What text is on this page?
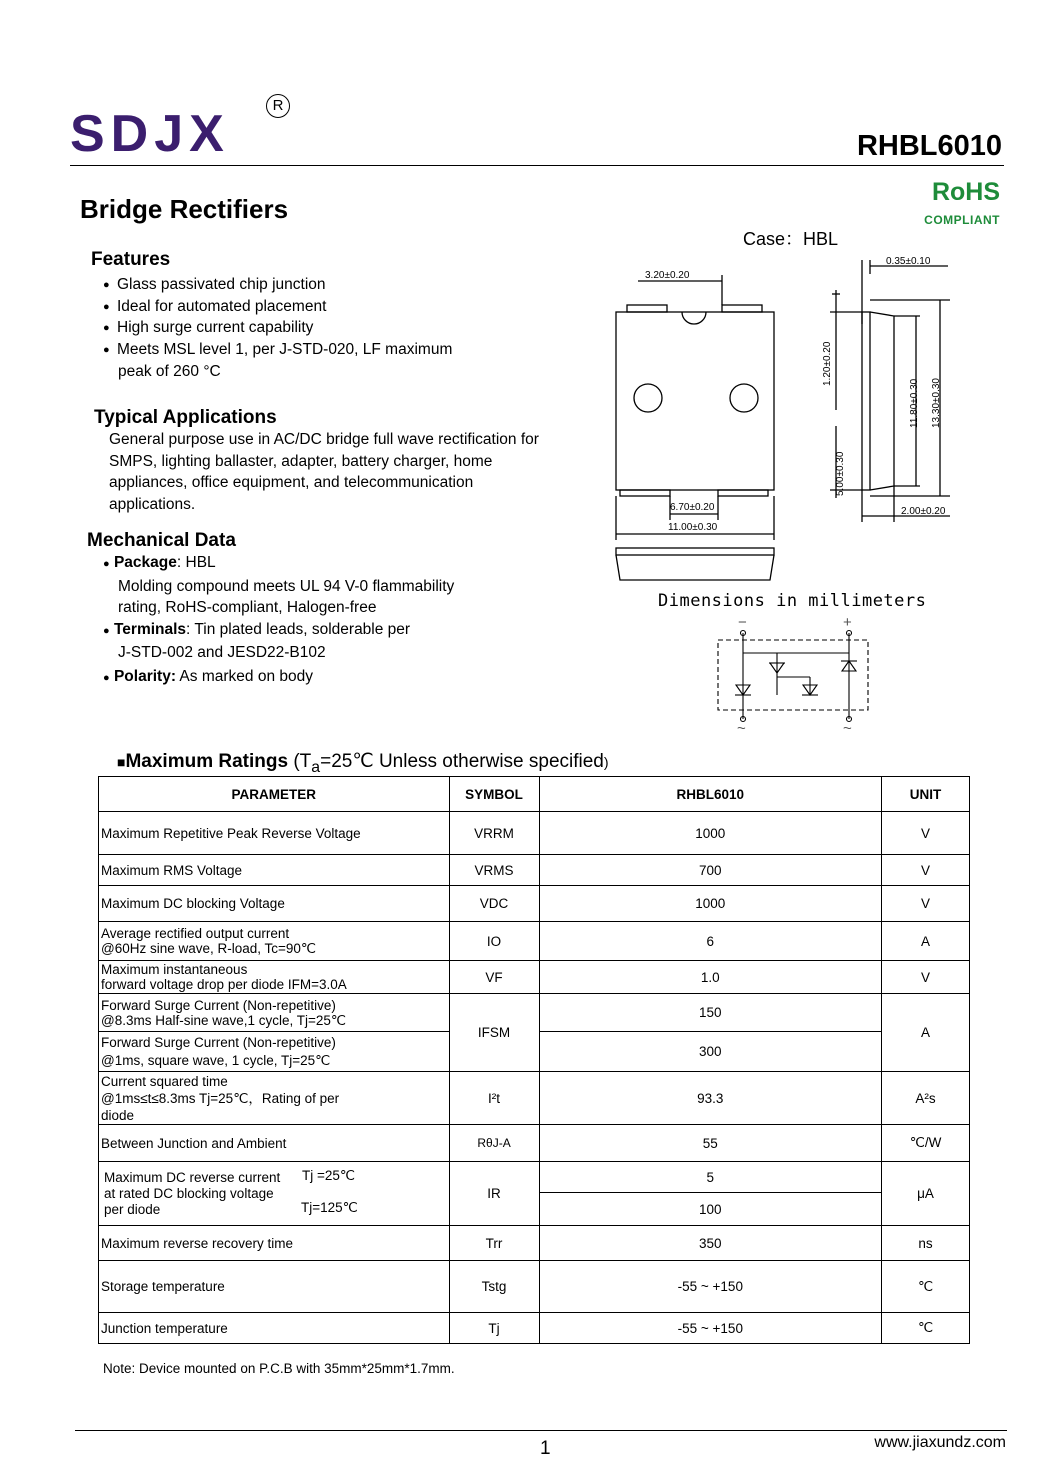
SDJX	R
RHBL6010
RoHS
COMPLIANT
Bridge Rectifiers
Case：HBL
Features
● Glass passivated chip junction
● Ideal for automated placement
● High surge current capability
● Meets MSL level 1, per J-STD-020, LF maximum
peak of 260 °C
Typical Applications
General purpose use in AC/DC bridge full wave rectification for
SMPS, lighting ballaster, adapter, battery charger, home
appliances, office equipment, and telecommunication
applications.
Mechanical Data
● Package: HBL
Molding compound meets UL 94 V-0 flammability
rating, RoHS-compliant, Halogen-free
● Terminals: Tin plated leads, solderable per
J-STD-002 and JESD22-B102
● Polarity: As marked on body
3.20±0.20
0.35±0.10
6.70±0.20
11.00±0.30
2.00±0.20
1.20±0.20
5.00±0.30
11.80±0.30 13.30±0.30
Dimensions in millimeters
−	+
~	~
■Maximum Ratings ($T_a=25℃$ Unless otherwise specified)
PARAMETER	SYMBOL	RHBL6010	UNIT
Maximum Repetitive Peak Reverse Voltage	VRRM	1000	V
Maximum RMS Voltage	VRMS	700	V
Maximum DC blocking Voltage	VDC	1000	V

Average rectified output current
@60Hz sine wave, R-load, Tc=90℃	IO	6	A

Maximum instantaneous
forward voltage drop per diode IFM=3.0A	VF	1.0	V

Forward Surge Current (Non-repetitive)
@8.3ms Half-sine wave,1 cycle, Tj=25℃	IFSM	150	A

Forward Surge Current (Non-repetitive)
@1ms, square wave, 1 cycle, Tj=25℃		300	

Current squared time
@1ms≤t≤8.3ms Tj=25℃，Rating of per
diode	I²t	93.3	A²s
Between Junction and Ambient	RθJ-A	55	℃/W

Maximum DC reverse current
at rated DC blocking voltage
per diode
Tj =25℃
Tj=125℃	IR	5	μA
		100	
Maximum reverse recovery time	Trr	350	ns
Storage temperature	Tstg	-55 ~ +150	℃
Junction temperature	Tj	-55 ~ +150	℃
Note: Device mounted on P.C.B with 35mm*25mm*1.7mm.
1	www.jiaxundz.com
